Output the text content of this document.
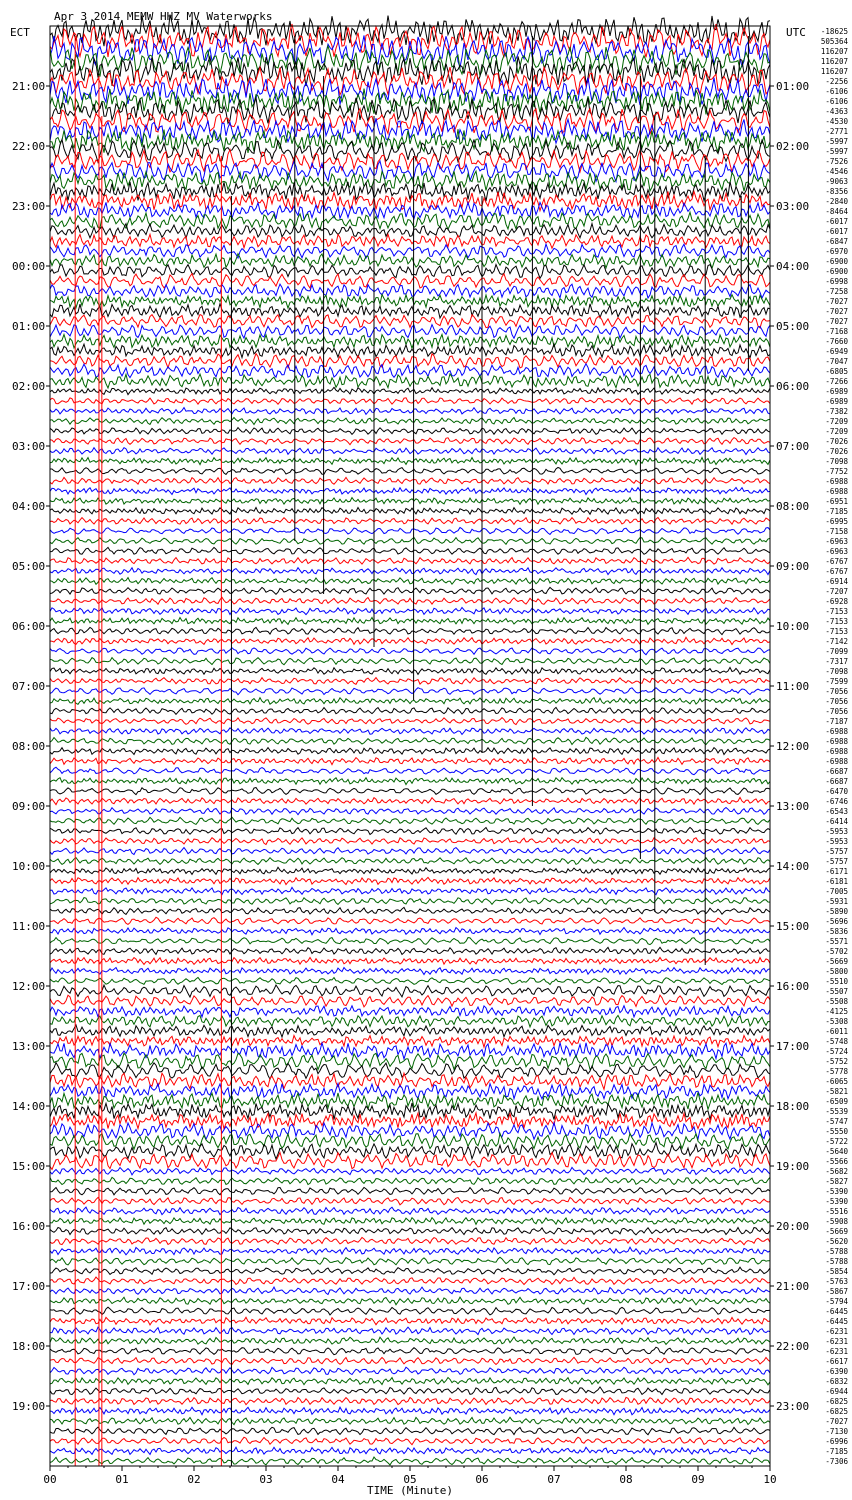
Apr 3 2014 MEMW HHZ MV Waterworks
ECT	UTC
21:00	01:00
22:00	02:00
23:00	03:00
00:00	04:00
01:00	05:00
02:00	06:00
03:00	07:00
04:00	08:00
05:00	09:00
06:00	10:00
07:00	11:00
08:00	12:00
09:00	13:00
10:00	14:00
11:00	15:00
12:00	16:00
13:00	17:00
14:00	18:00
15:00	19:00
16:00	20:00
17:00	21:00
18:00	22:00
19:00	23:00
-18625
505364
116207
116207
116207
-2256
-6106
-6106
-4363
-4530
-2771
-5997
-5997
-7526
-4546
-9063
-8356
-2840
-8464
-6017
-6017
-6847
-6970
-6900
-6900
-6998
-7258
-7027
-7027
-7027
-7168
-7660
-6949
-7047
-6805
-7266
-6989
-6989
-7382
-7209
-7209
-7026
-7026
-7098
-7752
-6988
-6988
-6951
-7185
-6995
-7158
-6963
-6963
-6767
-6767
-6914
-7207
-6928
-7153
-7153
-7153
-7142
-7099
-7317
-7098
-7599
-7056
-7056
-7056
-7187
-6988
-6988
-6988
-6988
-6687
-6687
-6470
-6746
-6543
-6414
-5953
-5953
-5757
-5757
-6171
-6181
-7005
-5931
-5890
-5696
-5836
-5571
-5702
-5669
-5800
-5510
-5507
-5508
-4125
-5308
-6011
-5748
-5724
-5752
-5778
-6065
-5821
-6509
-5539
-5747
-5550
-5722
-5640
-5566
-5682
-5827
-5390
-5390
-5516
-5908
-5669
-5620
-5788
-5788
-5854
-5763
-5867
-5794
-6445
-6445
-6231
-6231
-6231
-6617
-6390
-6832
-6944
-6825
-6825
-7027
-7130
-6996
-7185
-7306
00	01	02	03	04	05	06	07	08	09	10
TIME (Minute)
